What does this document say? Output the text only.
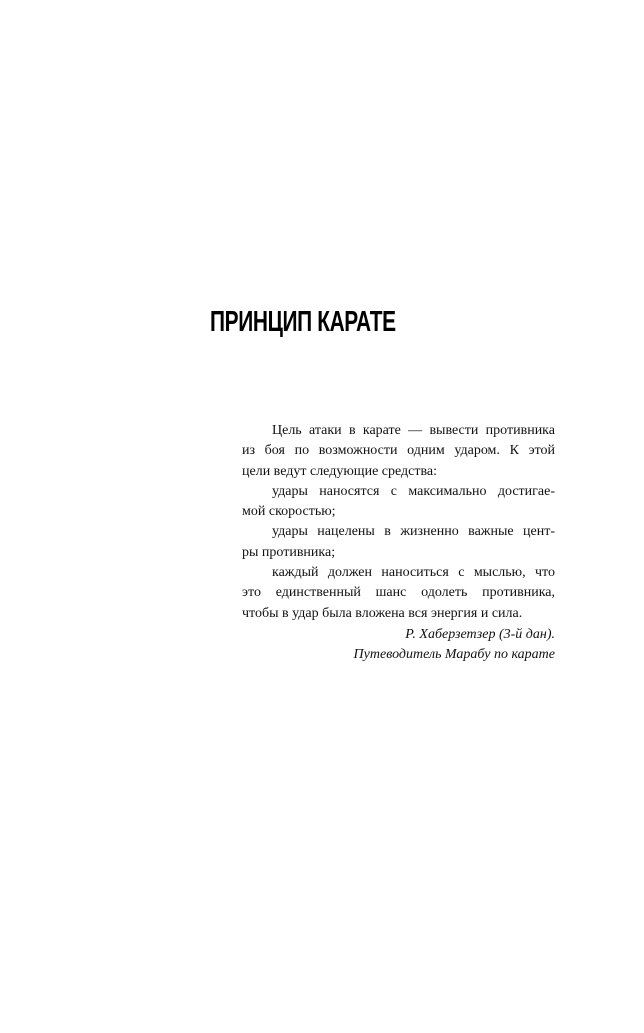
ПРИНЦИП КАРАТЕ
Цель атаки в карате — вывести противника
из боя по возможности одним ударом. К этой
цели ведут следующие средства:
удары наносятся с максимально достигае-
мой скоростью;
удары нацелены в жизненно важные цент-
ры противника;
каждый должен наноситься с мыслью, что
это единственный шанс одолеть противника,
чтобы в удар была вложена вся энергия и сила.
Р. Хаберзетзер (3-й дан).
Путеводитель Марабу по карате
